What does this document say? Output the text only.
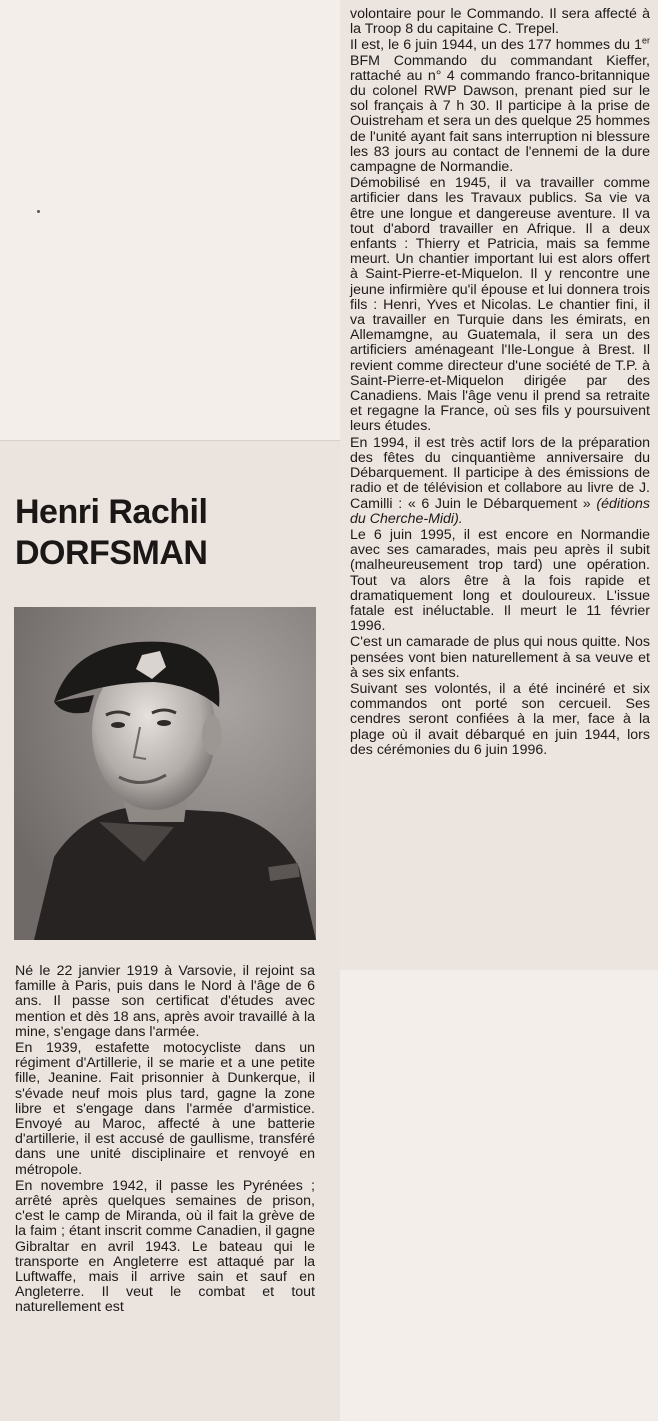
Henri Rachil
DORFSMAN

Né le 22 janvier 1919 à Varsovie, il rejoint sa famille à Paris, puis dans le Nord à l'âge de 6 ans. Il passe son certificat d'études avec mention et dès 18 ans, après avoir travaillé à la mine, s'engage dans l'armée.

En 1939, estafette motocycliste dans un régiment d'Artillerie, il se marie et a une petite fille, Jeanine. Fait prisonnier à Dunkerque, il s'évade neuf mois plus tard, gagne la zone libre et s'engage dans l'armée d'armistice. Envoyé au Maroc, affecté à une batterie d'artillerie, il est accusé de gaullisme, transféré dans une unité disciplinaire et renvoyé en métropole.

En novembre 1942, il passe les Pyrénées ; arrêté après quelques semaines de prison, c'est le camp de Miranda, où il fait la grève de la faim ; étant inscrit comme Canadien, il gagne Gibraltar en avril 1943. Le bateau qui le transporte en Angleterre est attaqué par la Luftwaffe, mais il arrive sain et sauf en Angleterre. Il veut le combat et tout naturellement est

volontaire pour le Commando. Il sera affecté à la Troop 8 du capitaine C. Trepel.

Il est, le 6 juin 1944, un des 177 hommes du 1er BFM Commando du commandant Kieffer, rattaché au n° 4 commando franco-britannique du colonel RWP Dawson, prenant pied sur le sol français à 7 h 30. Il participe à la prise de Ouistreham et sera un des quelque 25 hommes de l'unité ayant fait sans interruption ni blessure les 83 jours au contact de l'ennemi de la dure campagne de Normandie.

Démobilisé en 1945, il va travailler comme artificier dans les Travaux publics. Sa vie va être une longue et dangereuse aventure. Il va tout d'abord travailler en Afrique. Il a deux enfants : Thierry et Patricia, mais sa femme meurt. Un chantier important lui est alors offert à Saint-Pierre-et-Miquelon. Il y rencontre une jeune infirmière qu'il épouse et lui donnera trois fils : Henri, Yves et Nicolas. Le chantier fini, il va travailler en Turquie dans les émirats, en Allemamgne, au Guatemala, il sera un des artificiers aménageant l'Ile-Longue à Brest. Il revient comme directeur d'une société de T.P. à Saint-Pierre-et-Miquelon dirigée par des Canadiens. Mais l'âge venu il prend sa retraite et regagne la France, où ses fils y poursuivent leurs études.

En 1994, il est très actif lors de la préparation des fêtes du cinquantième anniversaire du Débarquement. Il participe à des émissions de radio et de télévision et collabore au livre de J. Camilli : « 6 Juin le Débarquement » (éditions du Cherche-Midi).

Le 6 juin 1995, il est encore en Normandie avec ses camarades, mais peu après il subit (malheureusement trop tard) une opération. Tout va alors être à la fois rapide et dramatiquement long et douloureux. L'issue fatale est inéluctable. Il meurt le 11 février 1996.

C'est un camarade de plus qui nous quitte. Nos pensées vont bien naturellement à sa veuve et à ses six enfants.

Suivant ses volontés, il a été incinéré et six commandos ont porté son cercueil. Ses cendres seront confiées à la mer, face à la plage où il avait débarqué en juin 1944, lors des cérémonies du 6 juin 1996.
